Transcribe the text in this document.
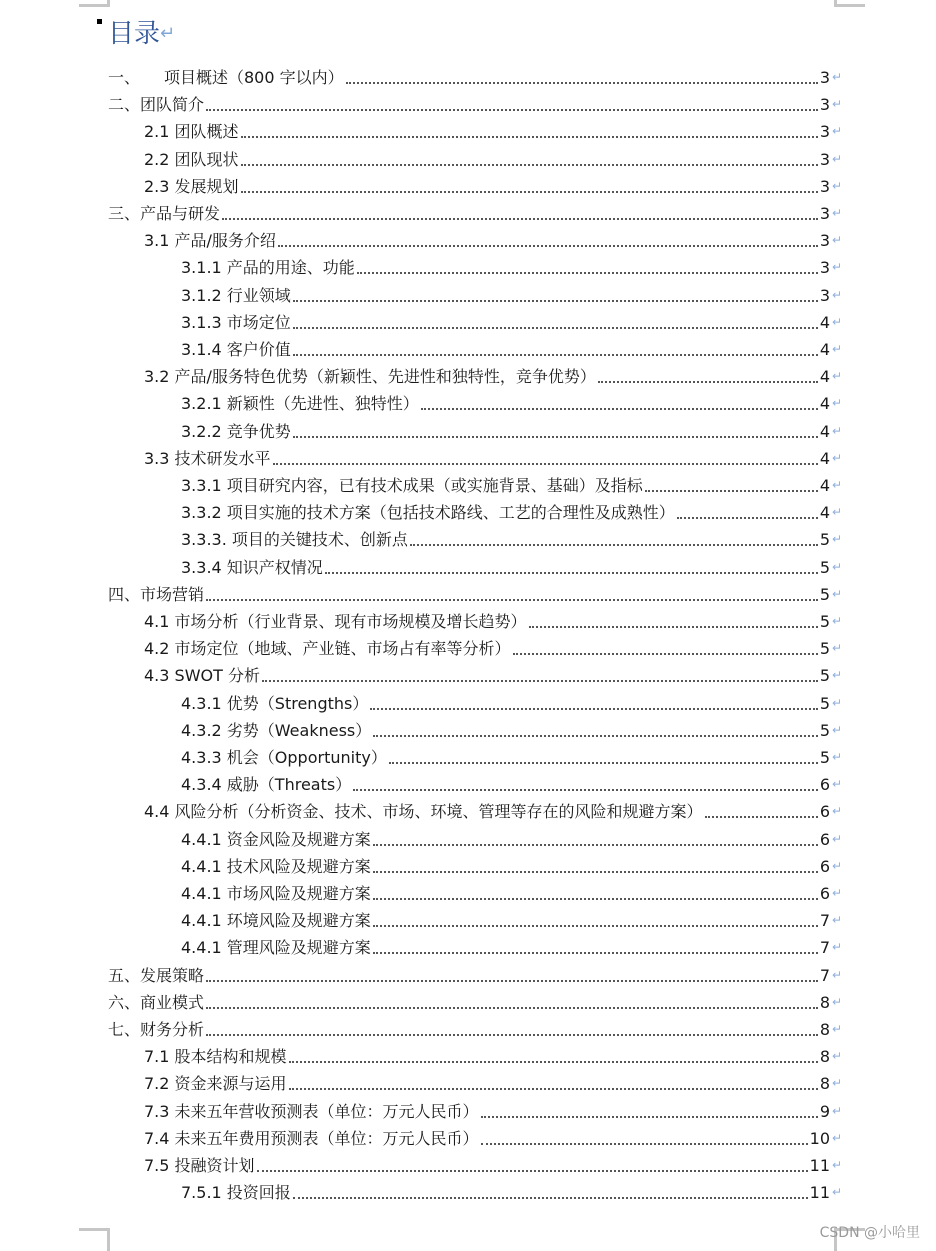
目录↵
一、　　项目概述（800 字以内）	3 ↵
二、团队简介	3 ↵
2.1 团队概述	3 ↵
2.2 团队现状	3 ↵
2.3 发展规划	3 ↵
三、产品与研发	3 ↵
3.1 产品/服务介绍	3 ↵
3.1.1 产品的用途、功能	3 ↵
3.1.2 行业领域	3 ↵
3.1.3 市场定位	4 ↵
3.1.4 客户价值	4 ↵
3.2 产品/服务特色优势（新颖性、先进性和独特性，竞争优势）	4 ↵
3.2.1 新颖性（先进性、独特性）	4 ↵
3.2.2 竞争优势	4 ↵
3.3 技术研发水平	4 ↵
3.3.1 项目研究内容，已有技术成果（或实施背景、基础）及指标	4 ↵
3.3.2 项目实施的技术方案（包括技术路线、工艺的合理性及成熟性）	4 ↵
3.3.3. 项目的关键技术、创新点	5 ↵
3.3.4 知识产权情况	5 ↵
四、市场营销	5 ↵
4.1 市场分析（行业背景、现有市场规模及增长趋势）	5 ↵
4.2 市场定位（地域、产业链、市场占有率等分析）	5 ↵
4.3 SWOT 分析	5 ↵
4.3.1 优势（Strengths）	5 ↵
4.3.2 劣势（Weakness）	5 ↵
4.3.3 机会（Opportunity）	5 ↵
4.3.4 威胁（Threats）	6 ↵
4.4 风险分析（分析资金、技术、市场、环境、管理等存在的风险和规避方案）	6 ↵
4.4.1 资金风险及规避方案	6 ↵
4.4.1 技术风险及规避方案	6 ↵
4.4.1 市场风险及规避方案	6 ↵
4.4.1 环境风险及规避方案	7 ↵
4.4.1 管理风险及规避方案	7 ↵
五、发展策略	7 ↵
六、商业模式	8 ↵
七、财务分析	8 ↵
7.1 股本结构和规模	8 ↵
7.2 资金来源与运用	8 ↵
7.3 未来五年营收预测表（单位：万元人民币）	9 ↵
7.4 未来五年费用预测表（单位：万元人民币）	10 ↵
7.5 投融资计划	11 ↵
7.5.1 投资回报	11 ↵
CSDN @小哈里
